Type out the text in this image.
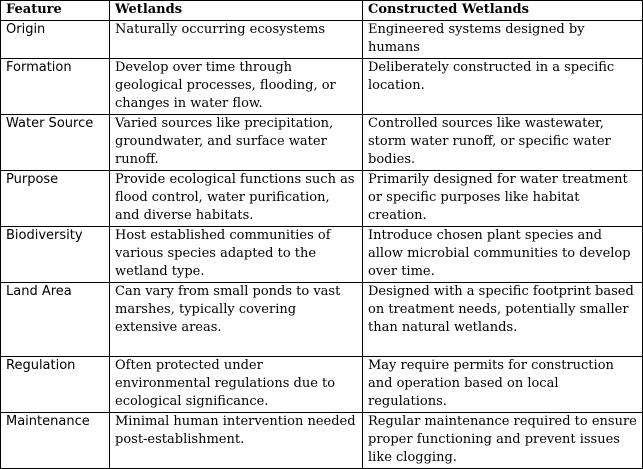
Feature	Wetlands	Constructed Wetlands
Origin	Naturally occurring ecosystems	Engineered systems designed by humans
Formation	Develop over time through geological processes, flooding, or changes in water flow.	Deliberately constructed in a specific location.
Water Source	Varied sources like precipitation, groundwater, and surface water runoff.	Controlled sources like wastewater, storm water runoff, or specific water bodies.
Purpose	Provide ecological functions such as flood control, water purification, and diverse habitats.	Primarily designed for water treatment or specific purposes like habitat creation.
Biodiversity	Host established communities of various species adapted to the wetland type.	Introduce chosen plant species and allow microbial communities to develop over time.
Land Area	Can vary from small ponds to vast marshes, typically covering extensive areas.	Designed with a specific footprint based on treatment needs, potentially smaller than natural wetlands.
Regulation	Often protected under environmental regulations due to ecological significance.	May require permits for construction and operation based on local regulations.
Maintenance	Minimal human intervention needed post-establishment.	Regular maintenance required to ensure proper functioning and prevent issues like clogging.
